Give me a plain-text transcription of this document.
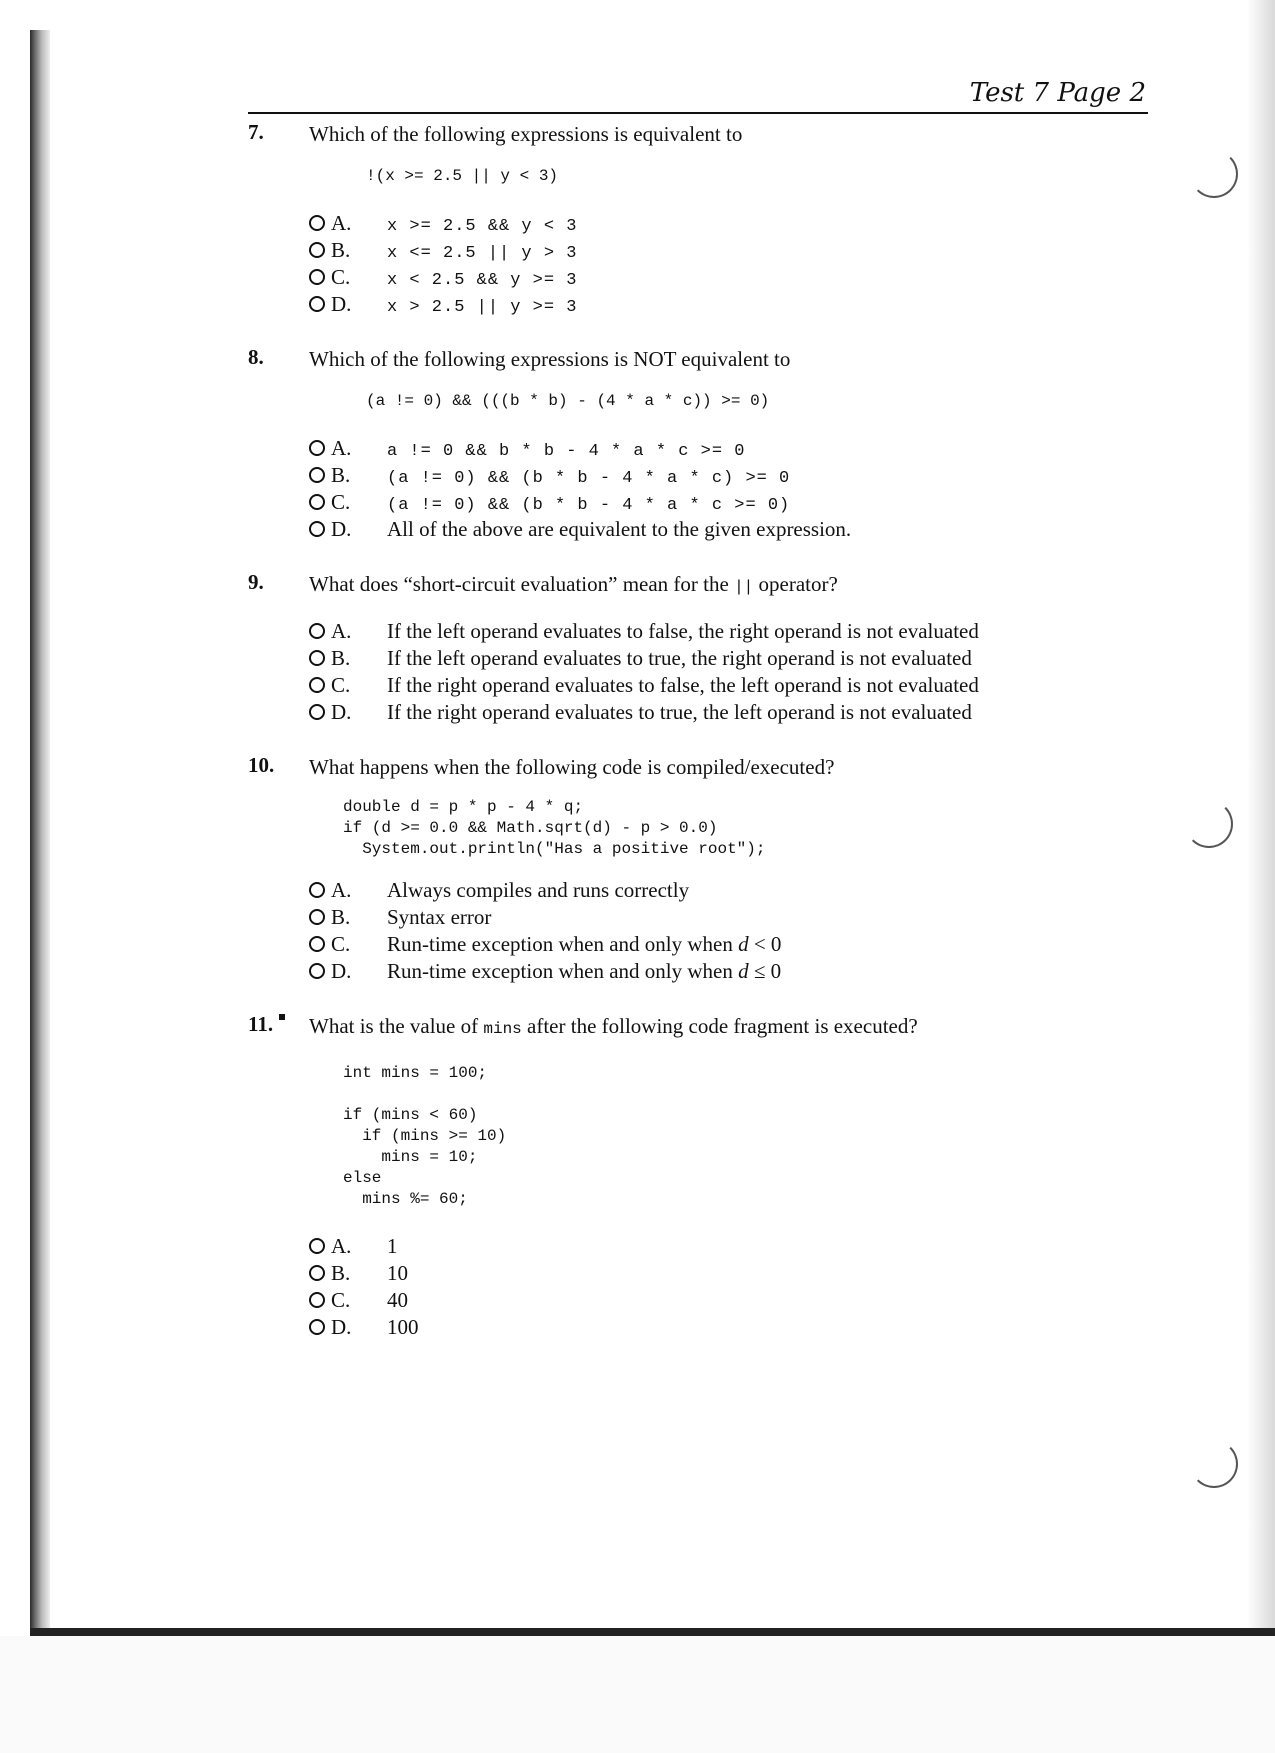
Test 7 Page 2
7. Which of the following expressions is equivalent to
!(x >= 2.5 || y < 3)
A.	x >= 2.5 && y < 3
B.	x <= 2.5 || y > 3
C.	x < 2.5 && y >= 3
D.	x > 2.5 || y >= 3
8. Which of the following expressions is NOT equivalent to
(a != 0) && (((b * b) - (4 * a * c)) >= 0)
A.	a != 0 && b * b - 4 * a * c >= 0
B.	(a != 0) && (b * b - 4 * a * c) >= 0
C.	(a != 0) && (b * b - 4 * a * c >= 0)
D.	All of the above are equivalent to the given expression.
9. What does “short-circuit evaluation” mean for the || operator?
A.	If the left operand evaluates to false, the right operand is not evaluated
B.	If the left operand evaluates to true, the right operand is not evaluated
C.	If the right operand evaluates to false, the left operand is not evaluated
D.	If the right operand evaluates to true, the left operand is not evaluated
10. What happens when the following code is compiled/executed?
double d = p * p - 4 * q;
if (d >= 0.0 && Math.sqrt(d) - p > 0.0)
System.out.println("Has a positive root");
A.	Always compiles and runs correctly
B.	Syntax error
C.	Run-time exception when and only when d < 0
D.	Run-time exception when and only when d ≤ 0
11. What is the value of mins after the following code fragment is executed?
int mins = 100;

if (mins < 60)
if (mins >= 10)
mins = 10;
else
mins %= 60;
A.	1
B.	10
C.	40
D.	100
